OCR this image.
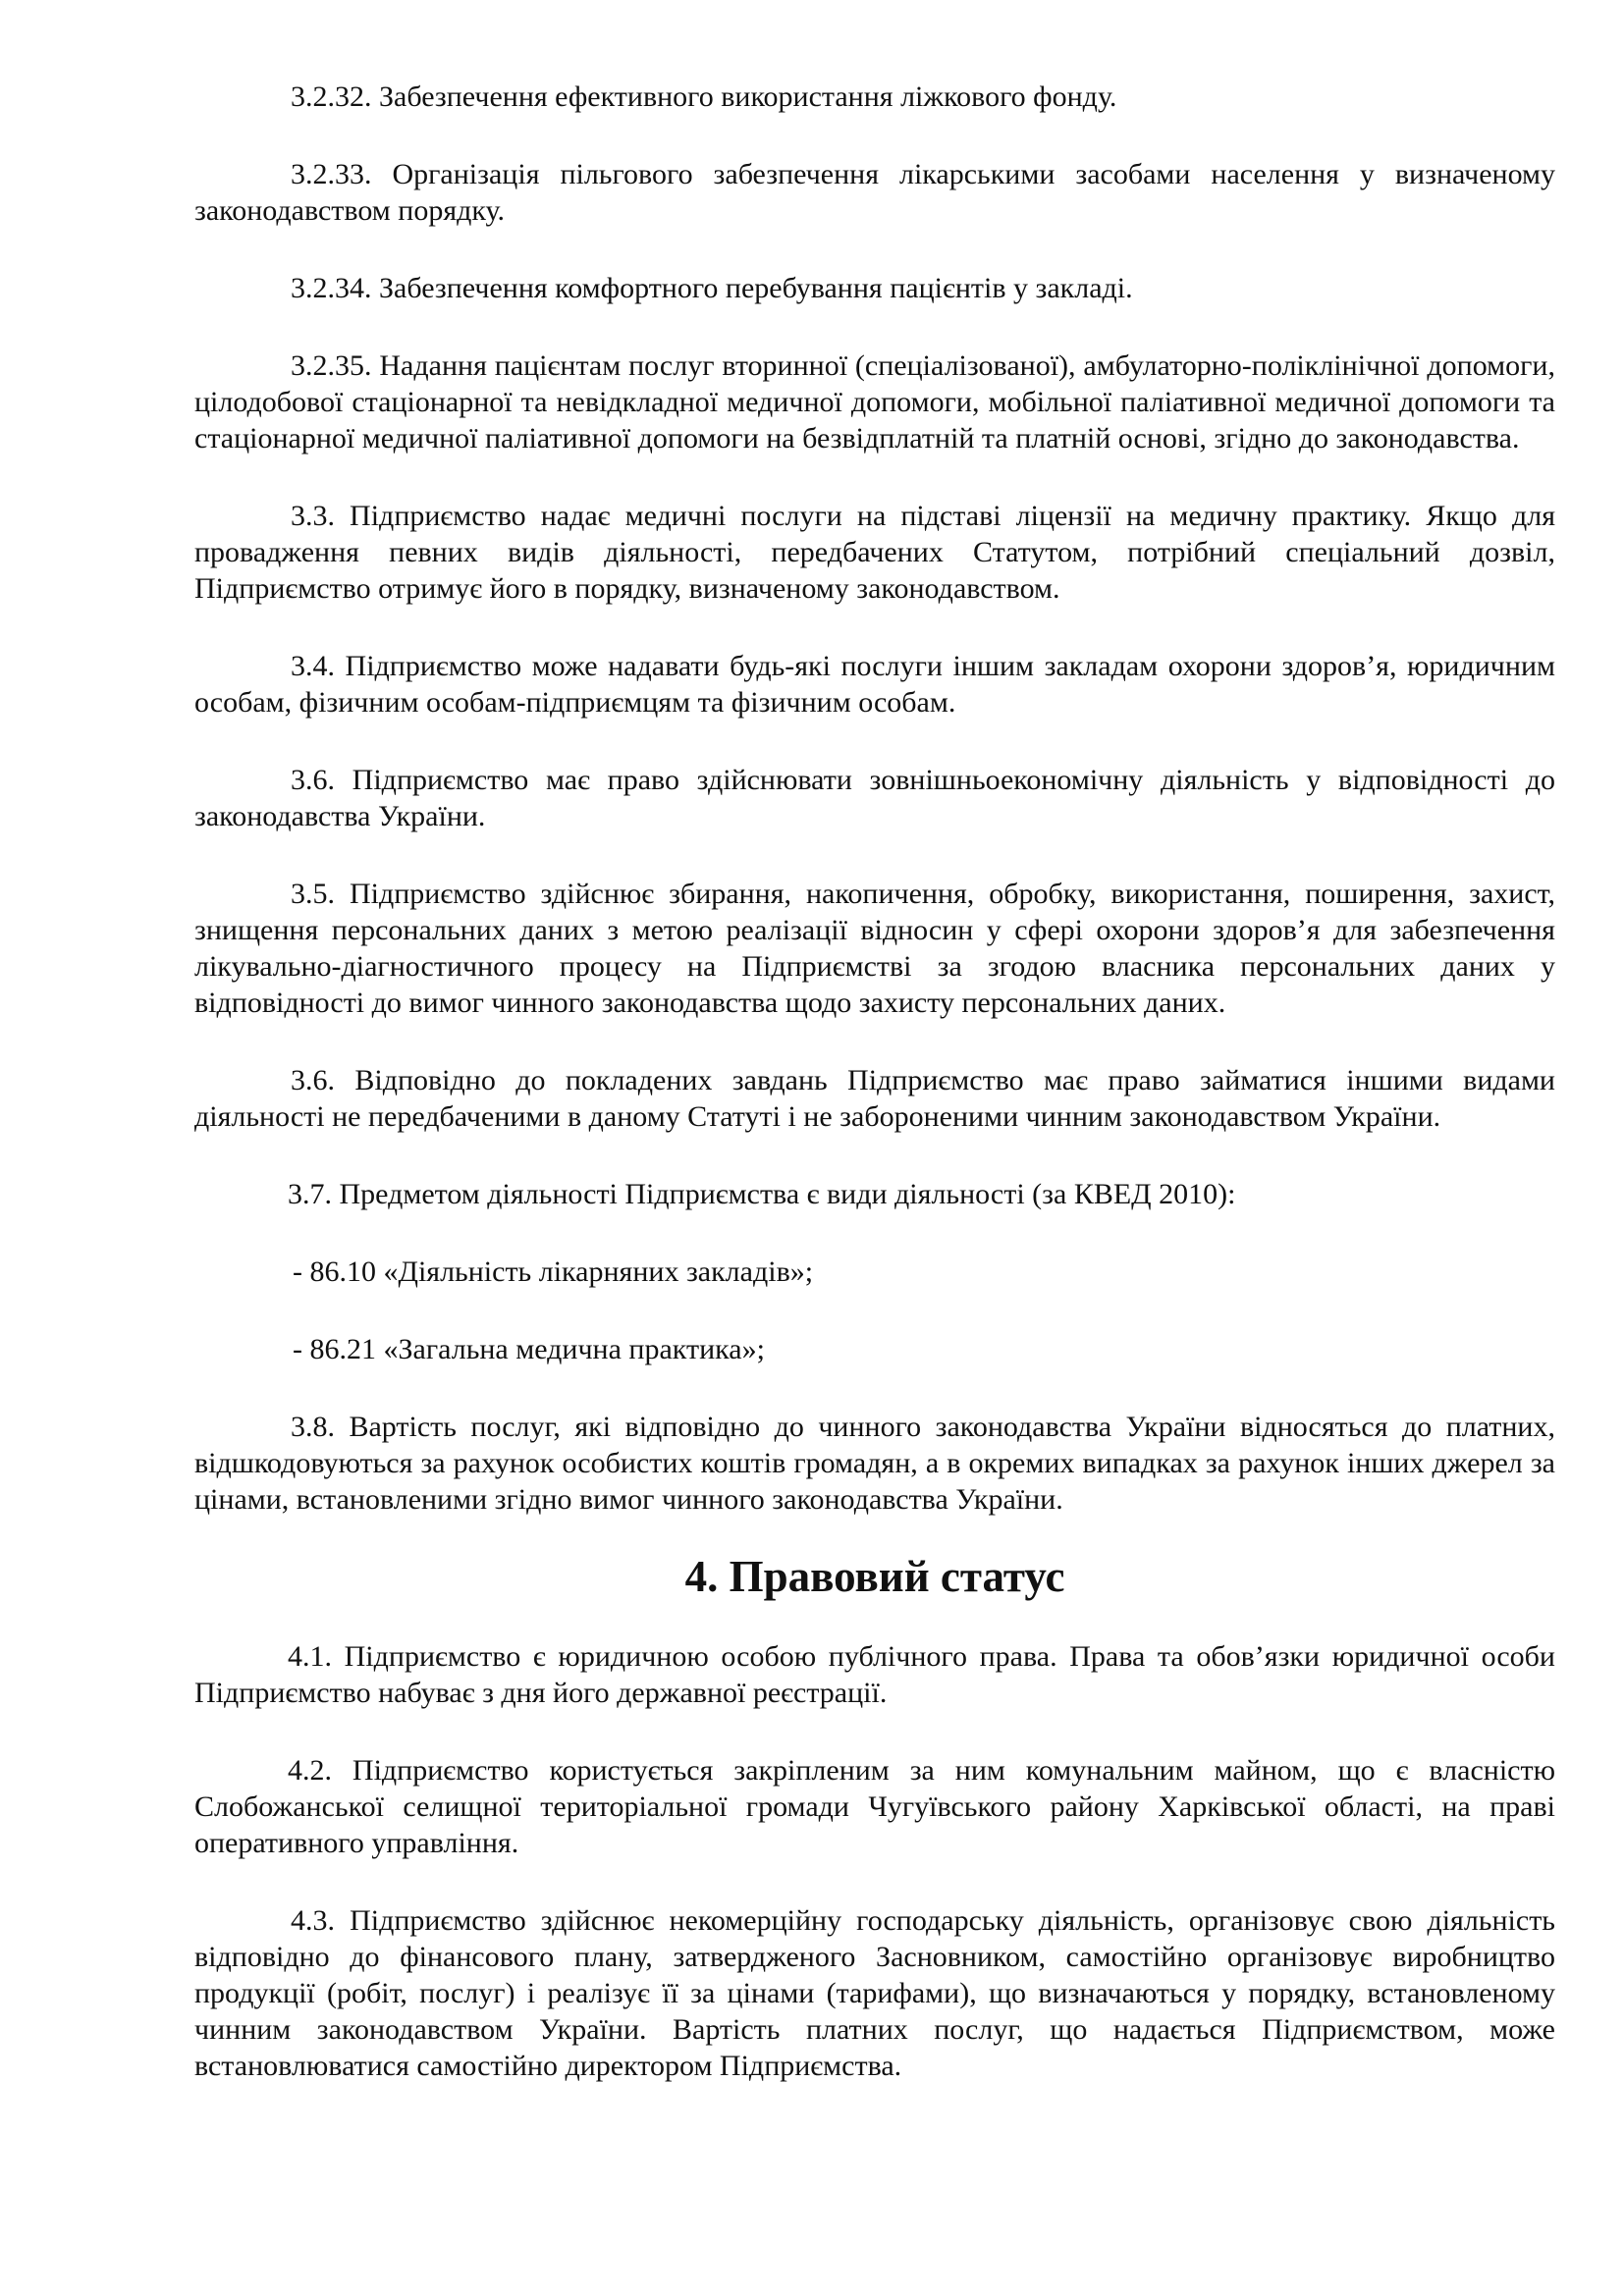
3.2.32. Забезпечення ефективного використання ліжкового фонду.

3.2.33. Організація пільгового забезпечення лікарськими засобами населення у визначеному законодавством порядку.

3.2.34. Забезпечення комфортного перебування пацієнтів у закладі.

3.2.35. Надання пацієнтам послуг вторинної (спеціалізованої), амбулаторно-поліклінічної допомоги, цілодобової стаціонарної та невідкладної медичної допомоги, мобільної паліативної медичної допомоги та стаціонарної медичної паліативної допомоги на безвідплатній та платній основі, згідно до законодавства.

3.3. Підприємство надає медичні послуги на підставі ліцензії на медичну практику. Якщо для провадження певних видів діяльності, передбачених Статутом, потрібний спеціальний дозвіл, Підприємство отримує його в порядку, визначеному законодавством.

3.4. Підприємство може надавати будь-які послуги іншим закладам охорони здоров’я, юридичним особам, фізичним особам-підприємцям та фізичним особам.

3.6. Підприємство має право здійснювати зовнішньоекономічну діяльність у відповідності до законодавства України.

3.5. Підприємство здійснює збирання, накопичення, обробку, використання, поширення, захист, знищення персональних даних з метою реалізації відносин у сфері охорони здоров’я для забезпечення лікувально-діагностичного процесу на Підприємстві за згодою власника персональних даних у відповідності до вимог чинного законодавства щодо захисту персональних даних.

3.6. Відповідно до покладених завдань Підприємство має право займатися іншими видами діяльності не передбаченими в даному Статуті і не забороненими чинним законодавством України.

3.7. Предметом діяльності Підприємства є види діяльності (за КВЕД 2010):

- 86.10 «Діяльність лікарняних закладів»;

- 86.21 «Загальна медична практика»;

3.8. Вартість послуг, які відповідно до чинного законодавства України відносяться до платних, відшкодовуються за рахунок особистих коштів громадян, а в окремих випадках за рахунок інших джерел за цінами, встановленими згідно вимог чинного законодавства України.

4. Правовий статус

4.1. Підприємство є юридичною особою публічного права. Права та обов’язки юридичної особи Підприємство набуває з дня його державної реєстрації.

4.2. Підприємство користується закріпленим за ним комунальним майном, що є власністю Слобожанської селищної територіальної громади Чугуївського району Харківської області, на праві оперативного управління.

4.3. Підприємство здійснює некомерційну господарську діяльність, організовує свою діяльність відповідно до фінансового плану, затвердженого Засновником, самостійно організовує виробництво продукції (робіт, послуг) і реалізує її за цінами (тарифами), що визначаються у порядку, встановленому чинним законодавством України. Вартість платних послуг, що надається Підприємством, може встановлюватися самостійно директором Підприємства.
